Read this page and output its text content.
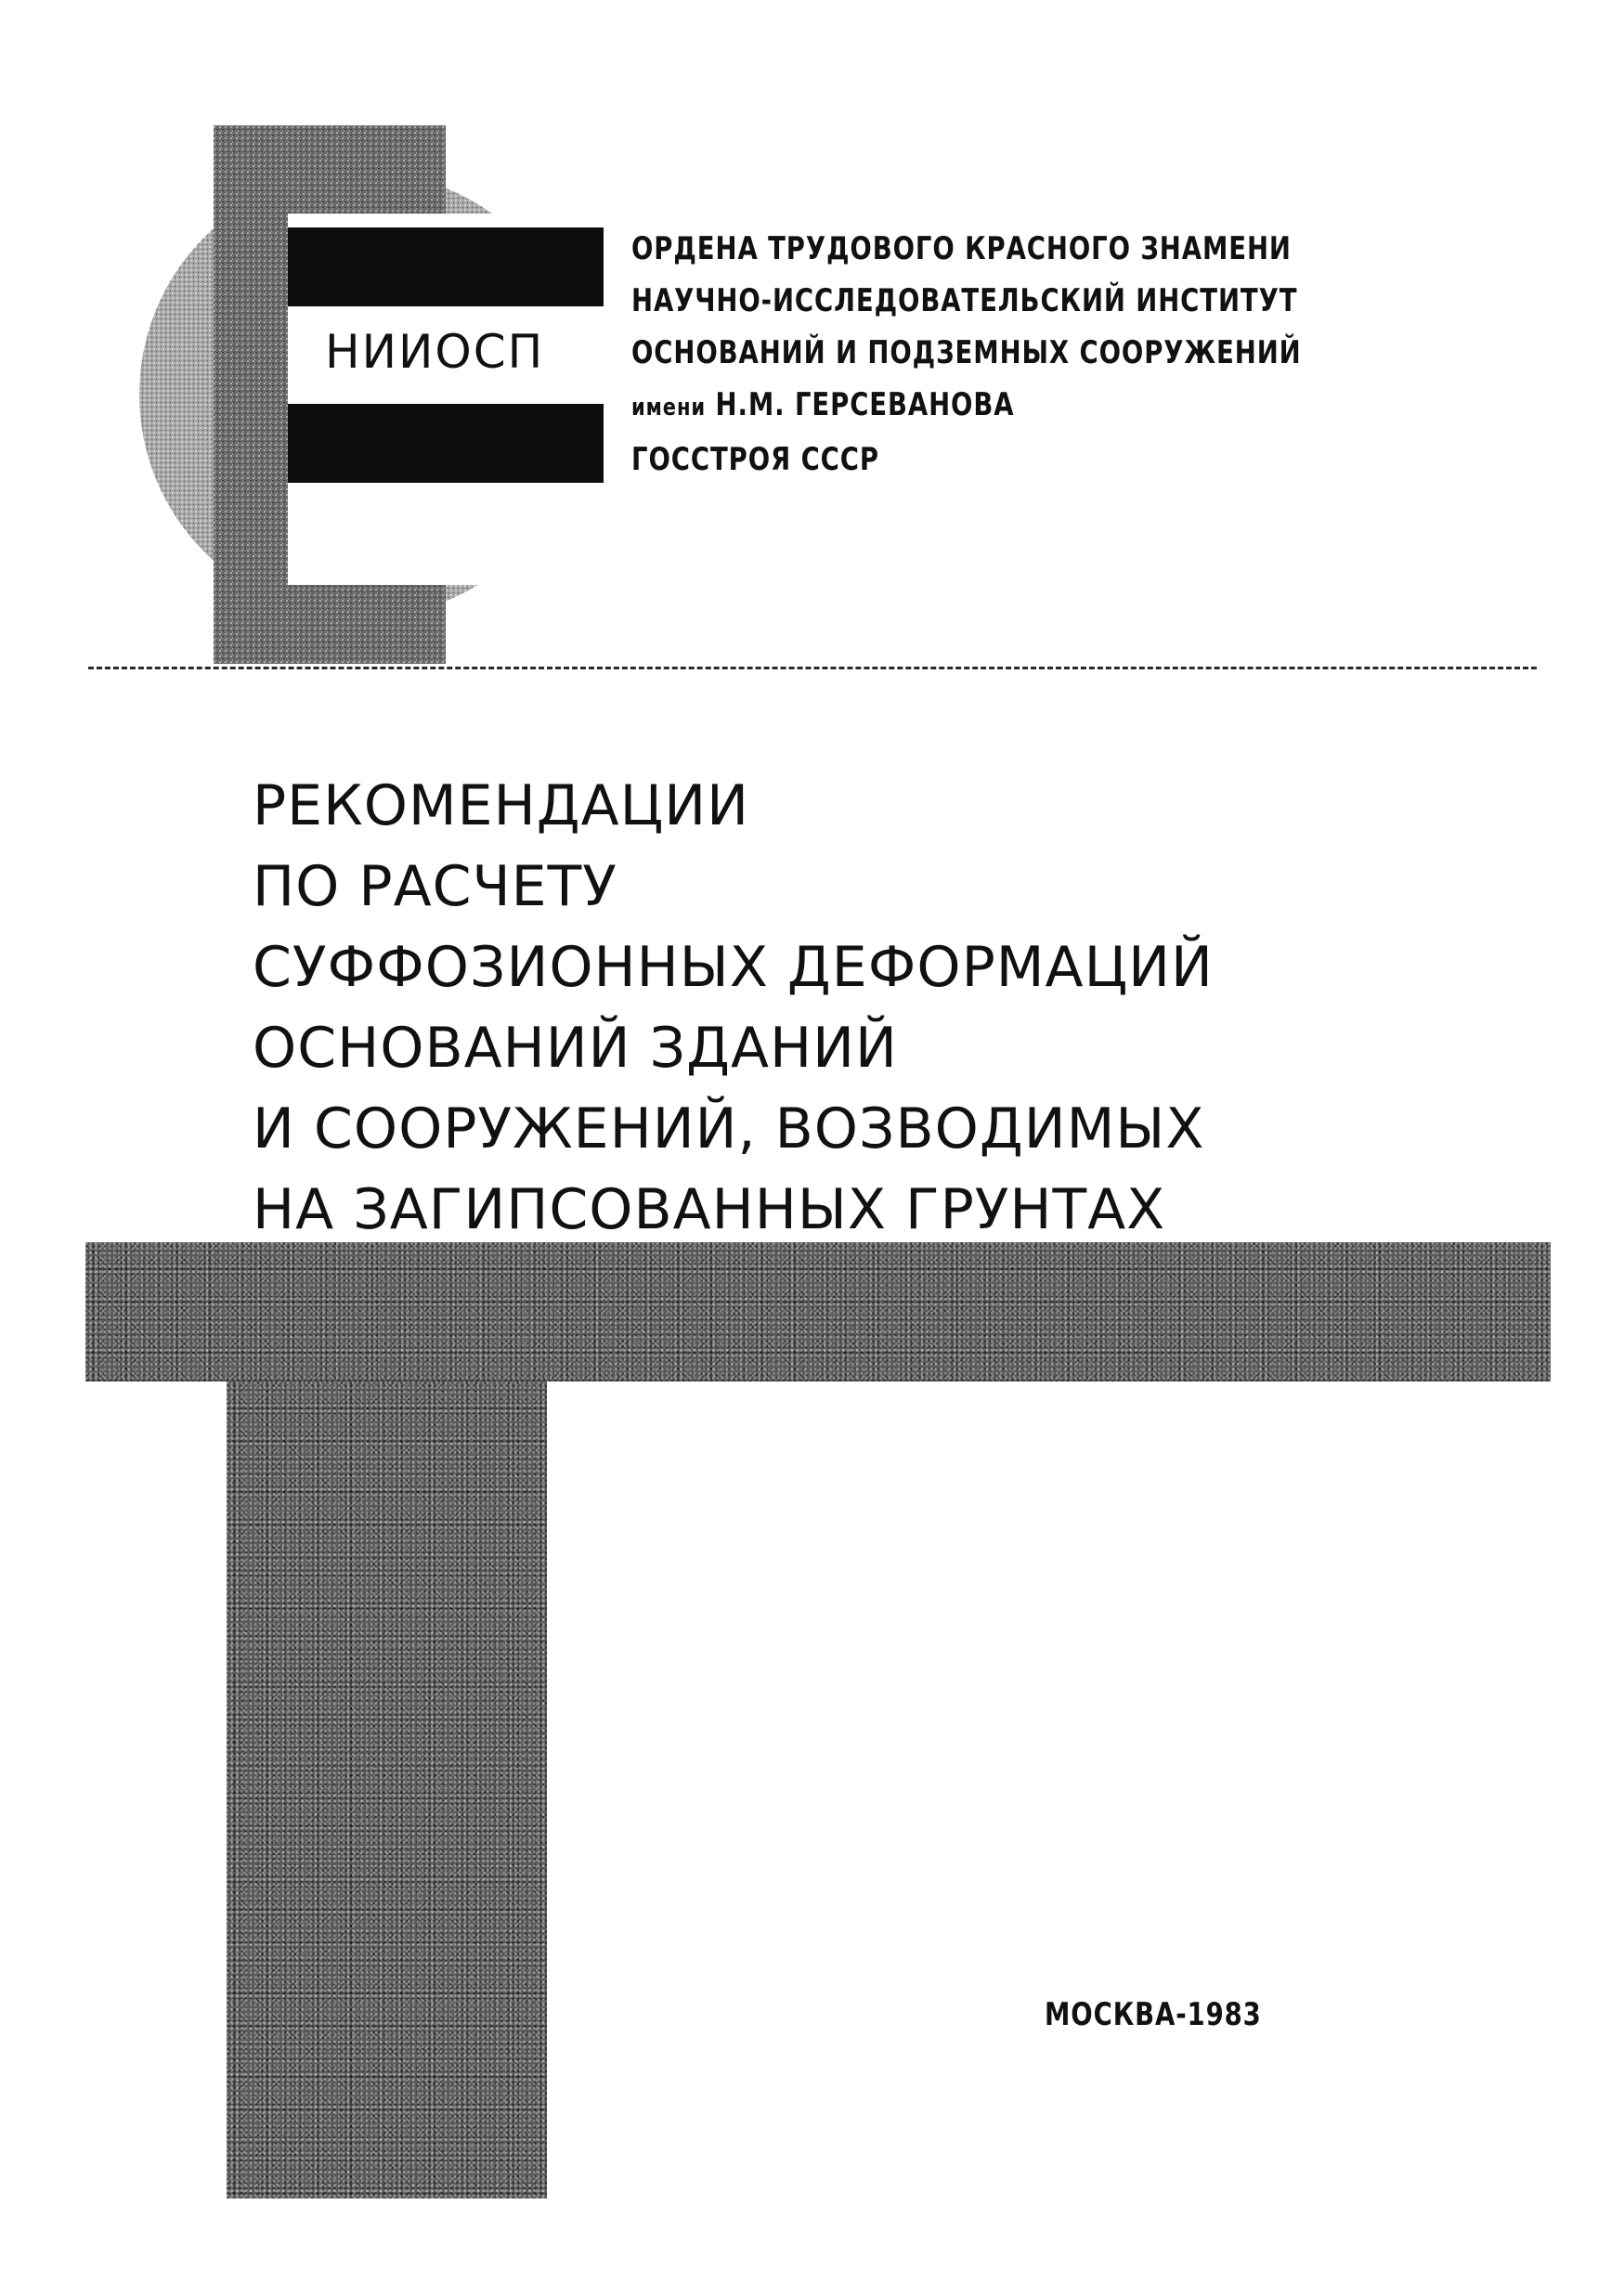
НИИОСП
ОРДЕНА ТРУДОВОГО КРАСНОГО ЗНАМЕНИ
НАУЧНО-ИССЛЕДОВАТЕЛЬСКИЙ ИНСТИТУТ
ОСНОВАНИЙ И ПОДЗЕМНЫХ СООРУЖЕНИЙ
имени Н.М. ГЕРСЕВАНОВА
ГОССТРОЯ СССР
РЕКОМЕНДАЦИИ
ПО РАСЧЕТУ
СУФФОЗИОННЫХ ДЕФОРМАЦИЙ
ОСНОВАНИЙ ЗДАНИЙ
И СООРУЖЕНИЙ, ВОЗВОДИМЫХ
НА ЗАГИПСОВАННЫХ ГРУНТАХ
МОСКВА-1983
